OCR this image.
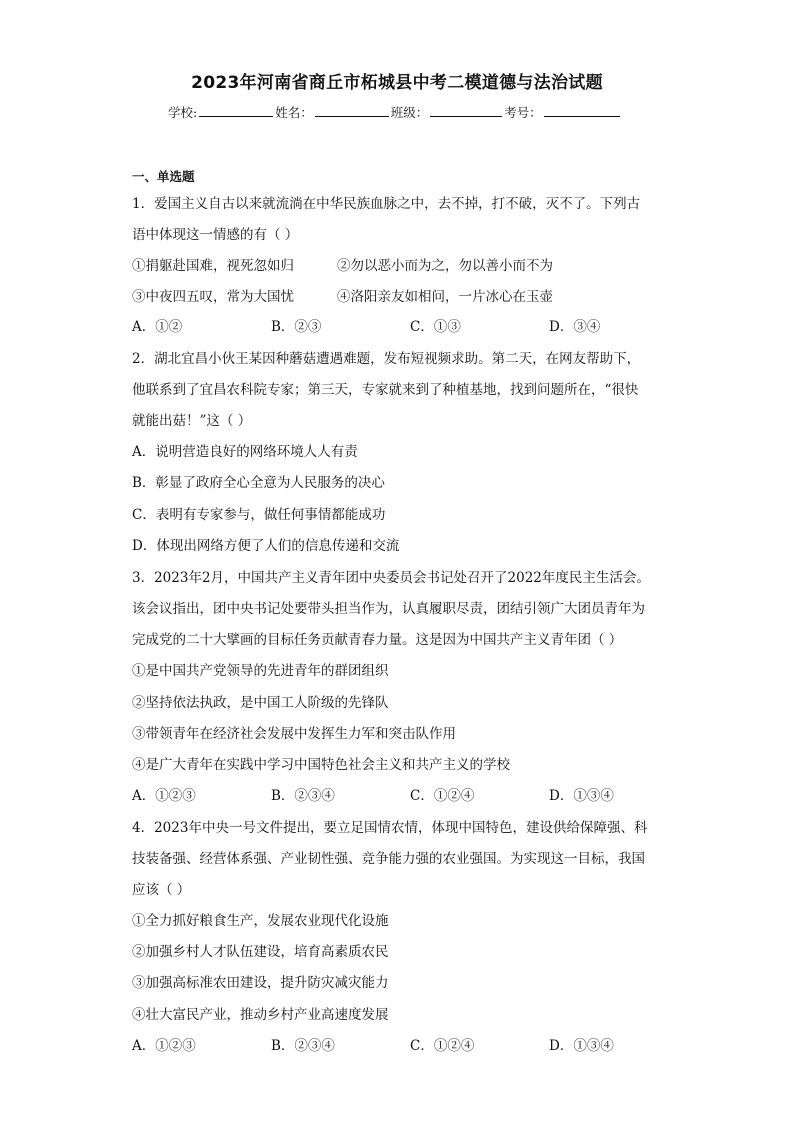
2023年河南省商丘市柘城县中考二模道德与法治试题
学校:	姓名：	班级：	考号：
一、单选题
1．爱国主义自古以来就流淌在中华民族血脉之中，去不掉，打不破，灭不了。下列古
语中体现这一情感的有（ ）
①捐躯赴国难，视死忽如归	②勿以恶小而为之，勿以善小而不为
③中夜四五叹，常为大国忧	④洛阳亲友如相问，一片冰心在玉壶
A．①②	B．②③	C．①③	D．③④
2．湖北宜昌小伙王某因种蘑菇遭遇难题，发布短视频求助。第二天，在网友帮助下，
他联系到了宜昌农科院专家；第三天，专家就来到了种植基地，找到问题所在，“很快
就能出菇！”这（ ）
A．说明营造良好的网络环境人人有责
B．彰显了政府全心全意为人民服务的决心
C．表明有专家参与，做任何事情都能成功
D．体现出网络方便了人们的信息传递和交流
3．2023年2月，中国共产主义青年团中央委员会书记处召开了2022年度民主生活会。
该会议指出，团中央书记处要带头担当作为，认真履职尽责，团结引领广大团员青年为
完成党的二十大擘画的目标任务贡献青春力量。这是因为中国共产主义青年团（ ）
①是中国共产党领导的先进青年的群团组织
②坚持依法执政，是中国工人阶级的先锋队
③带领青年在经济社会发展中发挥生力军和突击队作用
④是广大青年在实践中学习中国特色社会主义和共产主义的学校
A．①②③	B．②③④	C．①②④	D．①③④
4．2023年中央一号文件提出，要立足国情农情，体现中国特色，建设供给保障强、科
技装备强、经营体系强、产业韧性强、竞争能力强的农业强国。为实现这一目标，我国
应该（ ）
①全力抓好粮食生产，发展农业现代化设施
②加强乡村人才队伍建设，培育高素质农民
③加强高标准农田建设，提升防灾减灾能力
④壮大富民产业，推动乡村产业高速度发展
A．①②③	B．②③④	C．①②④	D．①③④
